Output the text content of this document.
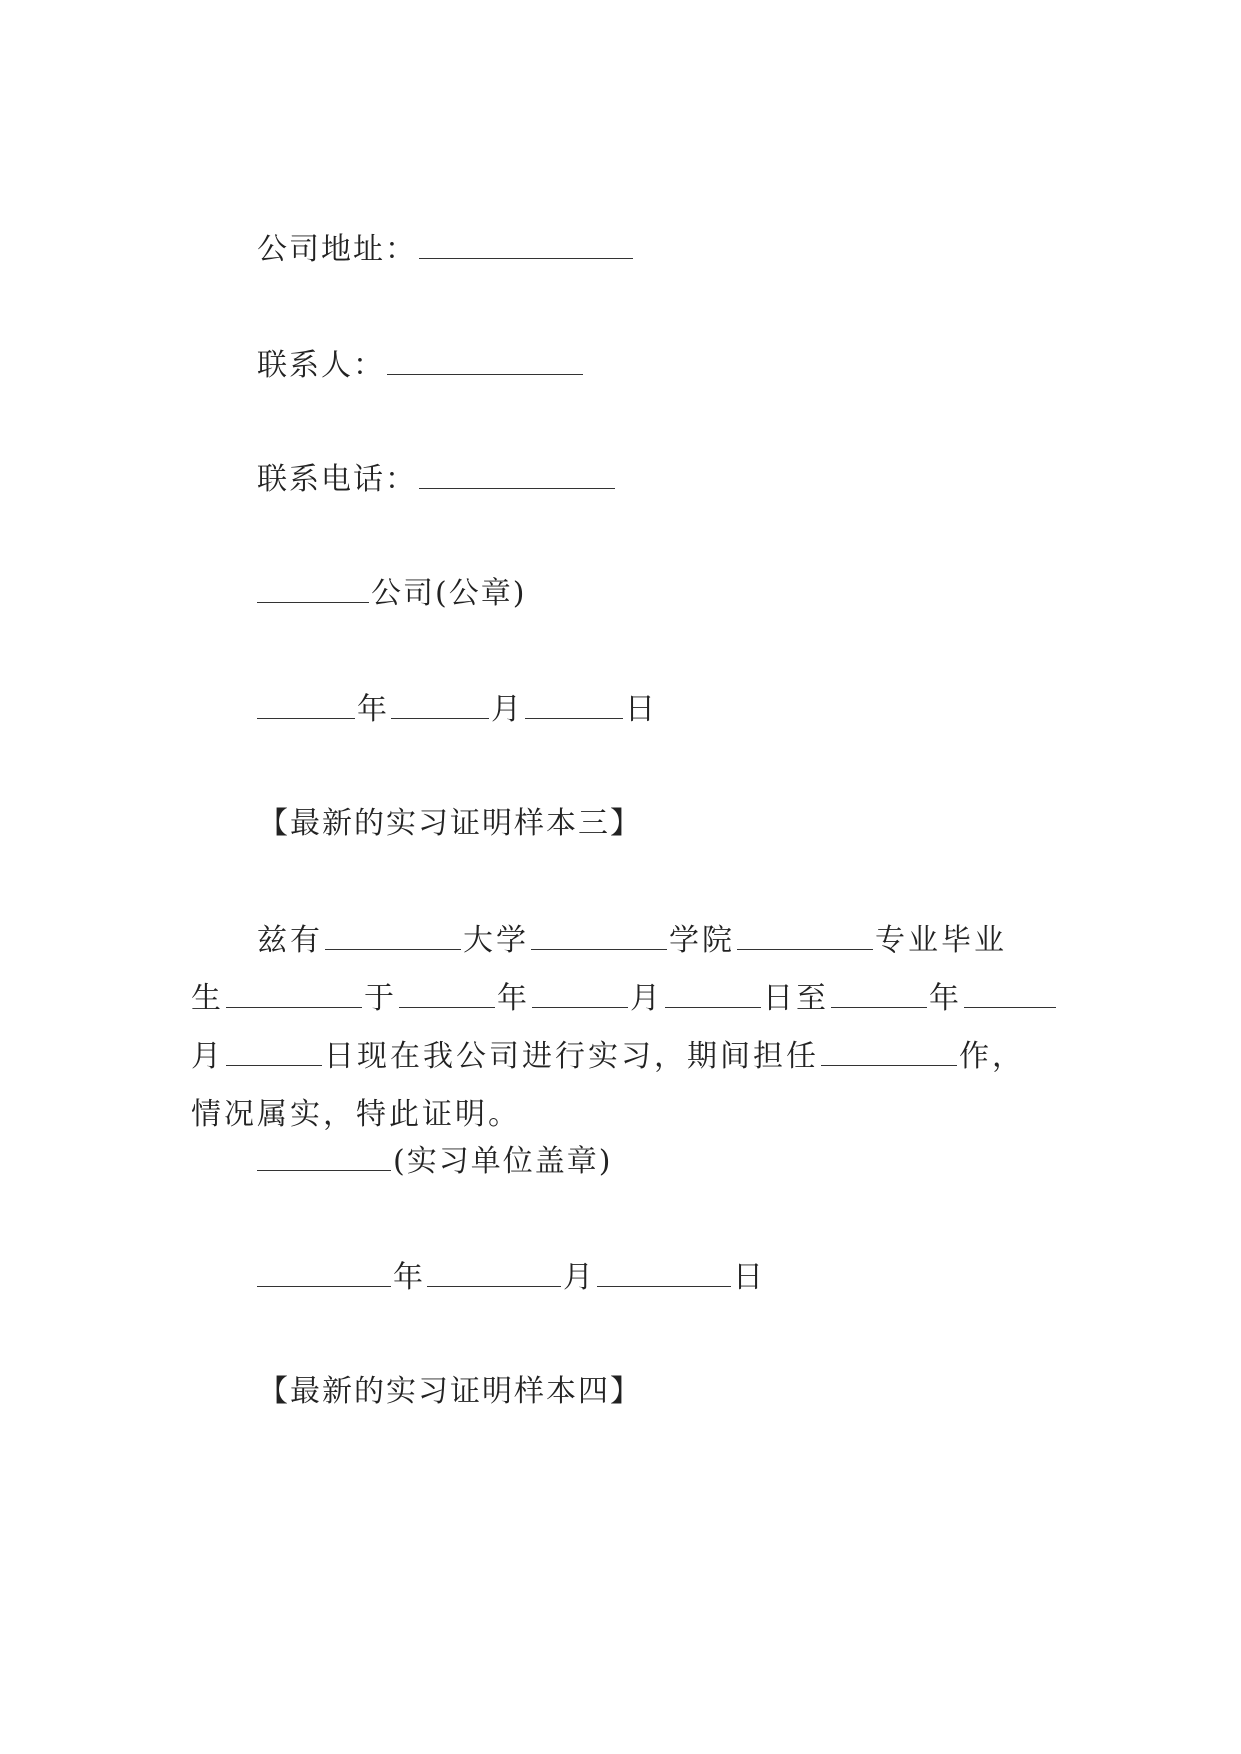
公司地址：
联系人：
联系电话：
公司(公章)
年	月	日
【最新的实习证明样本三】
兹有	大学	学院	专业毕业
生	于	年	月	日至	年
月	日现在我公司进行实习，期间担任	作，
情况属实，特此证明。
(实习单位盖章)
年	月	日
【最新的实习证明样本四】
